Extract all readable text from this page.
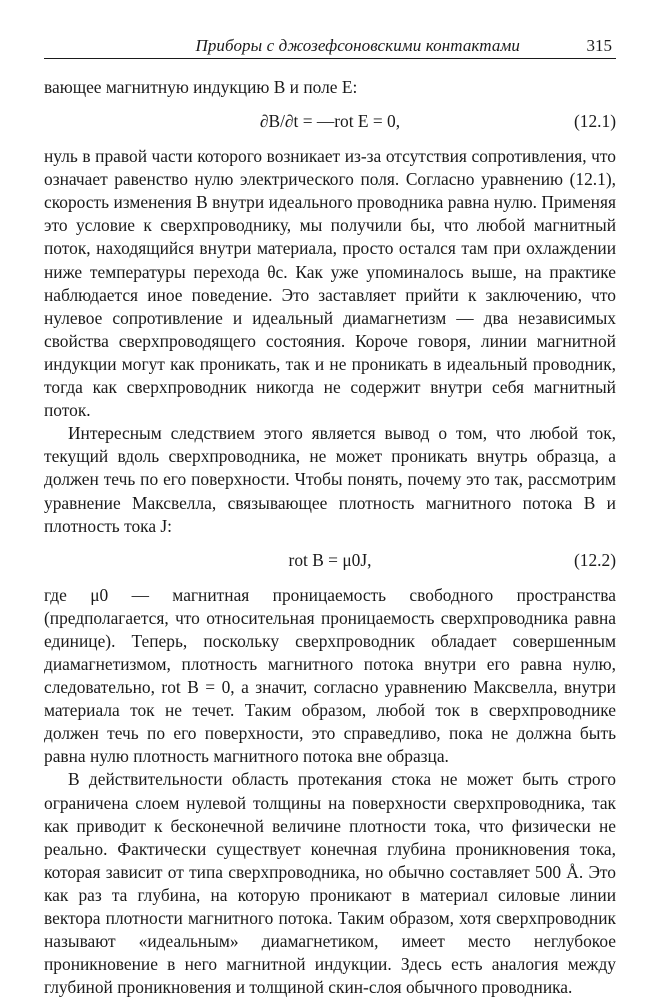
Приборы с джозефсоновскими контактами	315

вающее магнитную индукцию B и поле E:

∂B/∂t = —rot E = 0,	(12.1)

нуль в правой части которого возникает из-за отсутствия сопротивления, что означает равенство нулю электрического поля. Согласно уравнению (12.1), скорость изменения B внутри идеального проводника равна нулю. Применяя это условие к сверхпроводнику, мы получили бы, что любой магнитный поток, находящийся внутри материала, просто остался там при охлаждении ниже температуры перехода θc. Как уже упоминалось выше, на практике наблюдается иное поведение. Это заставляет прийти к заключению, что нулевое сопротивление и идеальный диамагнетизм — два независимых свойства сверхпроводящего состояния. Короче говоря, линии магнитной индукции могут как проникать, так и не проникать в идеальный проводник, тогда как сверхпроводник никогда не содержит внутри себя магнитный поток.

Интересным следствием этого является вывод о том, что любой ток, текущий вдоль сверхпроводника, не может проникать внутрь образца, а должен течь по его поверхности. Чтобы понять, почему это так, рассмотрим уравнение Максвелла, связывающее плотность магнитного потока B и плотность тока J:

rot B = μ0J,	(12.2)

где μ0 — магнитная проницаемость свободного пространства (предполагается, что относительная проницаемость сверхпроводника равна единице). Теперь, поскольку сверхпроводник обладает совершенным диамагнетизмом, плотность магнитного потока внутри его равна нулю, следовательно, rot B = 0, а значит, согласно уравнению Максвелла, внутри материала ток не течет. Таким образом, любой ток в сверхпроводнике должен течь по его поверхности, это справедливо, пока не должна быть равна нулю плотность магнитного потока вне образца.

В действительности область протекания стока не может быть строго ограничена слоем нулевой толщины на поверхности сверхпроводника, так как приводит к бесконечной величине плотности тока, что физически не реально. Фактически существует конечная глубина проникновения тока, которая зависит от типа сверхпроводника, но обычно составляет 500 Å. Это как раз та глубина, на которую проникают в материал силовые линии вектора плотности магнитного потока. Таким образом, хотя сверхпроводник называют «идеальным» диамагнетиком, имеет место неглубокое проникновение в него магнитной индукции. Здесь есть аналогия между глубиной проникновения и толщиной скин-слоя обычного проводника.
